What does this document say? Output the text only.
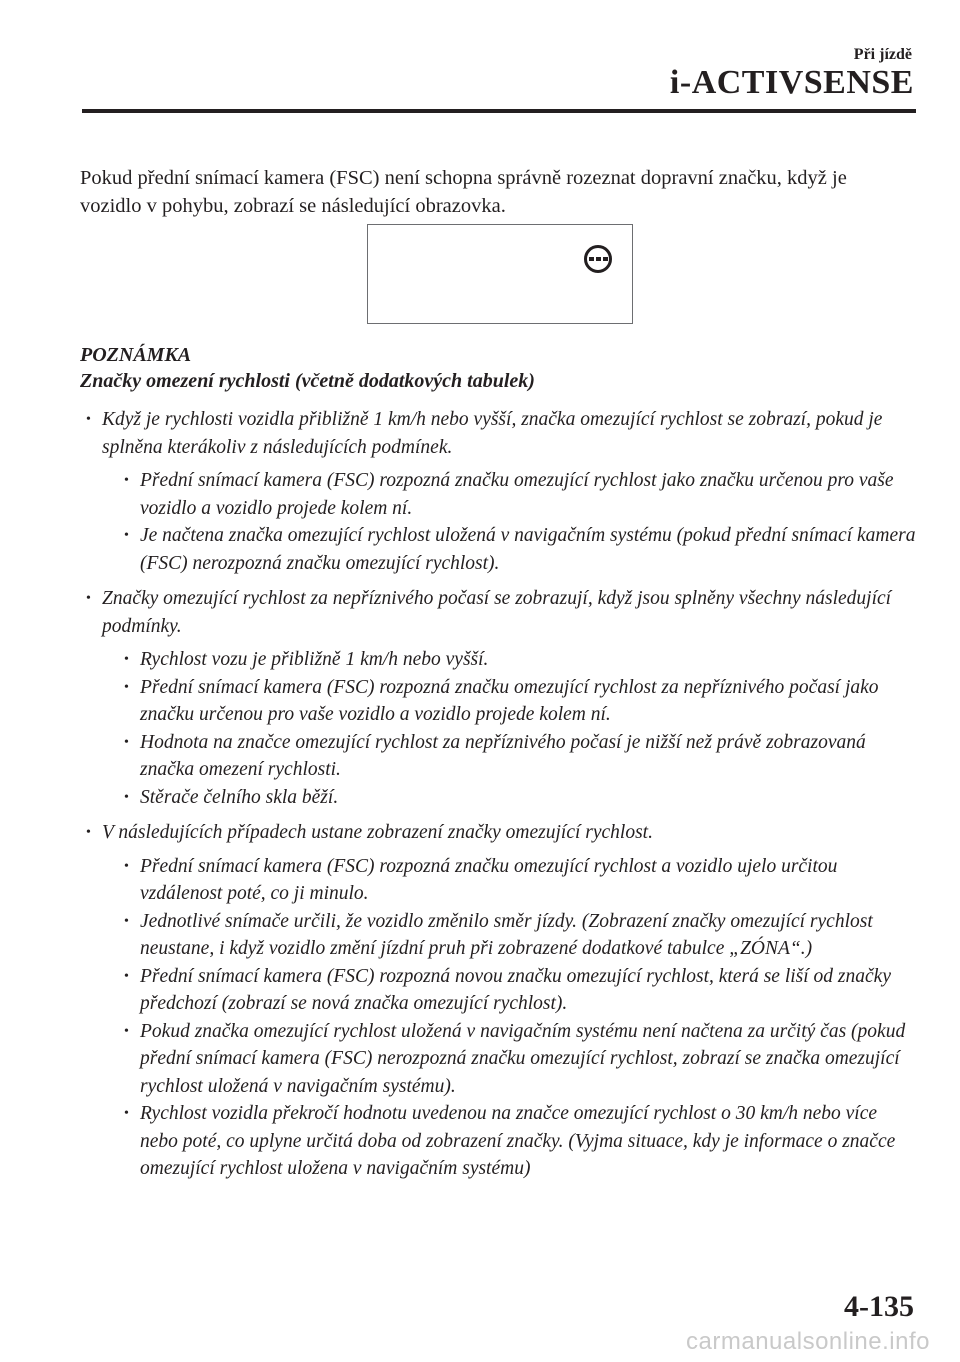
Při jízdě
i-ACTIVSENSE
Pokud přední snímací kamera (FSC) není schopna správně rozeznat dopravní značku, když je vozidlo v pohybu, zobrazí se následující obrazovka.
POZNÁMKA
Značky omezení rychlosti (včetně dodatkových tabulek)
• Když je rychlosti vozidla přibližně 1 km/h nebo vyšší, značka omezující rychlost se zobrazí, pokud je splněna kterákoliv z následujících podmínek.
• Přední snímací kamera (FSC) rozpozná značku omezující rychlost jako značku určenou pro vaše vozidlo a vozidlo projede kolem ní.
• Je načtena značka omezující rychlost uložená v navigačním systému (pokud přední snímací kamera (FSC) nerozpozná značku omezující rychlost).
• Značky omezující rychlost za nepříznivého počasí se zobrazují, když jsou splněny všechny následující podmínky.
• Rychlost vozu je přibližně 1 km/h nebo vyšší.
• Přední snímací kamera (FSC) rozpozná značku omezující rychlost za nepříznivého počasí jako značku určenou pro vaše vozidlo a vozidlo projede kolem ní.
• Hodnota na značce omezující rychlost za nepříznivého počasí je nižší než právě zobrazovaná značka omezení rychlosti.
• Stěrače čelního skla běží.
• V následujících případech ustane zobrazení značky omezující rychlost.
• Přední snímací kamera (FSC) rozpozná značku omezující rychlost a vozidlo ujelo určitou vzdálenost poté, co ji minulo.
• Jednotlivé snímače určili, že vozidlo změnilo směr jízdy. (Zobrazení značky omezující rychlost neustane, i když vozidlo změní jízdní pruh při zobrazené dodatkové tabulce „ZÓNA“.)
• Přední snímací kamera (FSC) rozpozná novou značku omezující rychlost, která se liší od značky předchozí (zobrazí se nová značka omezující rychlost).
• Pokud značka omezující rychlost uložená v navigačním systému není načtena za určitý čas (pokud přední snímací kamera (FSC) nerozpozná značku omezující rychlost, zobrazí se značka omezující rychlost uložená v navigačním systému).
• Rychlost vozidla překročí hodnotu uvedenou na značce omezující rychlost o 30 km/h nebo více nebo poté, co uplyne určitá doba od zobrazení značky. (Vyjma situace, kdy je informace o značce omezující rychlost uložena v navigačním systému)
4-135
carmanualsonline.info
